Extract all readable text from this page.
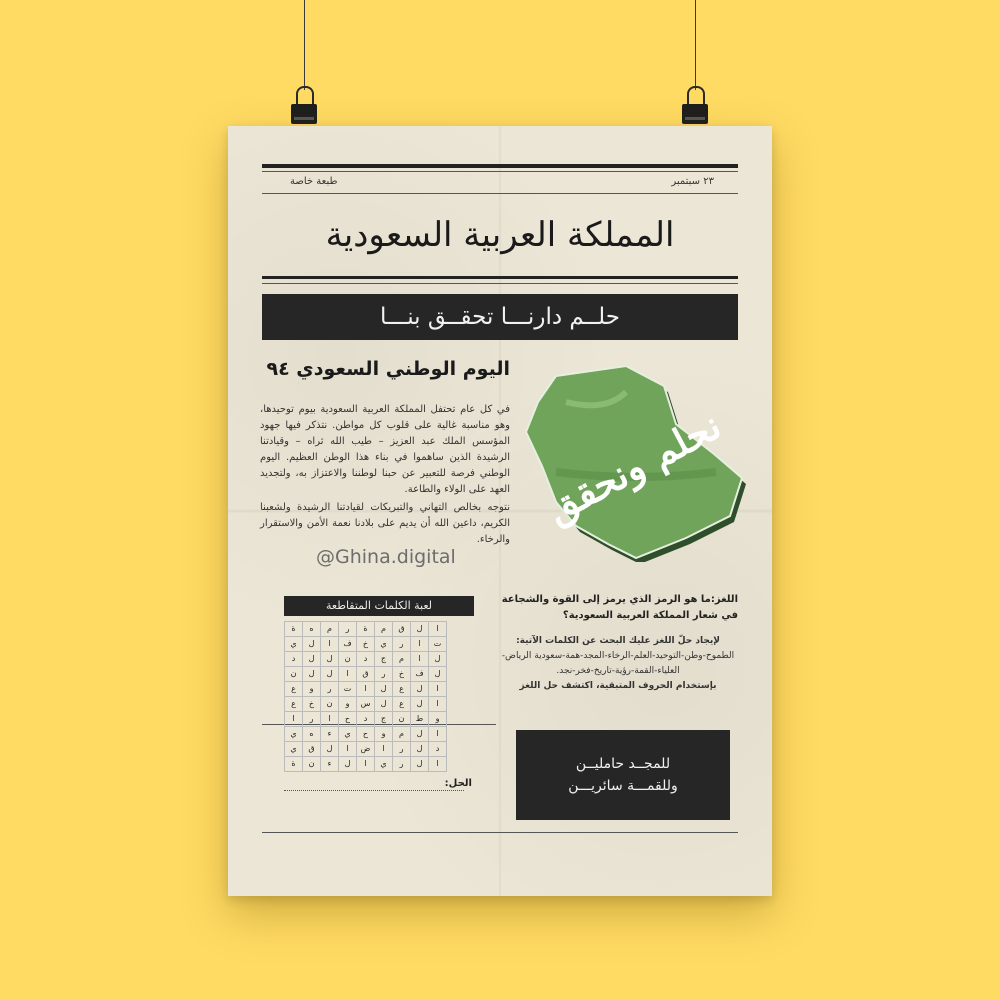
٢٣ سبتمبر
طبعة خاصة
المملكة العربية السعودية
حلــم دارنـــا تحقــق بنـــا
اليوم الوطني السعودي ٩٤

في كل عام تحتفل المملكة العربية السعودية بيوم توحيدها، وهو مناسبة غالية على قلوب كل مواطن. نتذكر فيها جهود المؤسس الملك عبد العزيز – طيب الله ثراه – وقيادتنا الرشيدة الذين ساهموا في بناء هذا الوطن العظيم. اليوم الوطني فرصة للتعبير عن حبنا لوطننا والاعتزاز به، ولتجديد العهد على الولاء والطاعة.

نتوجه بخالص التهاني والتبريكات لقيادتنا الرشيدة ولشعبنا الكريم، داعين الله أن يديم على بلادنا نعمة الأمن والاستقرار والرخاء.

@Ghina.digital
نحلم ونحقق
اللغز:ما هو الرمز الذي يرمز إلى القوة والشجاعة في شعار المملكة العربية السعودية؟
لإيجاد حلّ اللغز عليك البحث عن الكلمات الآتية:
الطموح-وطن-التوحيد-العلم-الرخاء-المجد-همة-سعودية الرياض-العلياء-القمة-رؤية-تاريخ-فخر-نجد.
بإستخدام الحروف المتبقية، اكتشف حل اللغز
لعبة الكلمات المتقاطعة
ا	ل	ق	م	ة	ر	م	ه	ة
ت	ا	ر	ي	خ	ف	ا	ل	ي
ل	ا	م	ج	د	ن	ل	ل	د
ل	ف	خ	ر	ق	ا	ل	ل	ن
ا	ل	ع	ل	ا	ت	ر	و	ع
ا	ل	ع	ل	س	و	ن	خ	ع
و	ط	ن	ج	د	ح	ا	ر	ا
ا	ل	م	و	ح	ي	ء	ه	ي
د	ل	ر	ا	ض	ا	ل	ق	ي
ا	ل	ر	ي	ا	ل	ء	ن	ة
الحل:
للمجــد حامليــن
وللقمـــة سائريـــن
